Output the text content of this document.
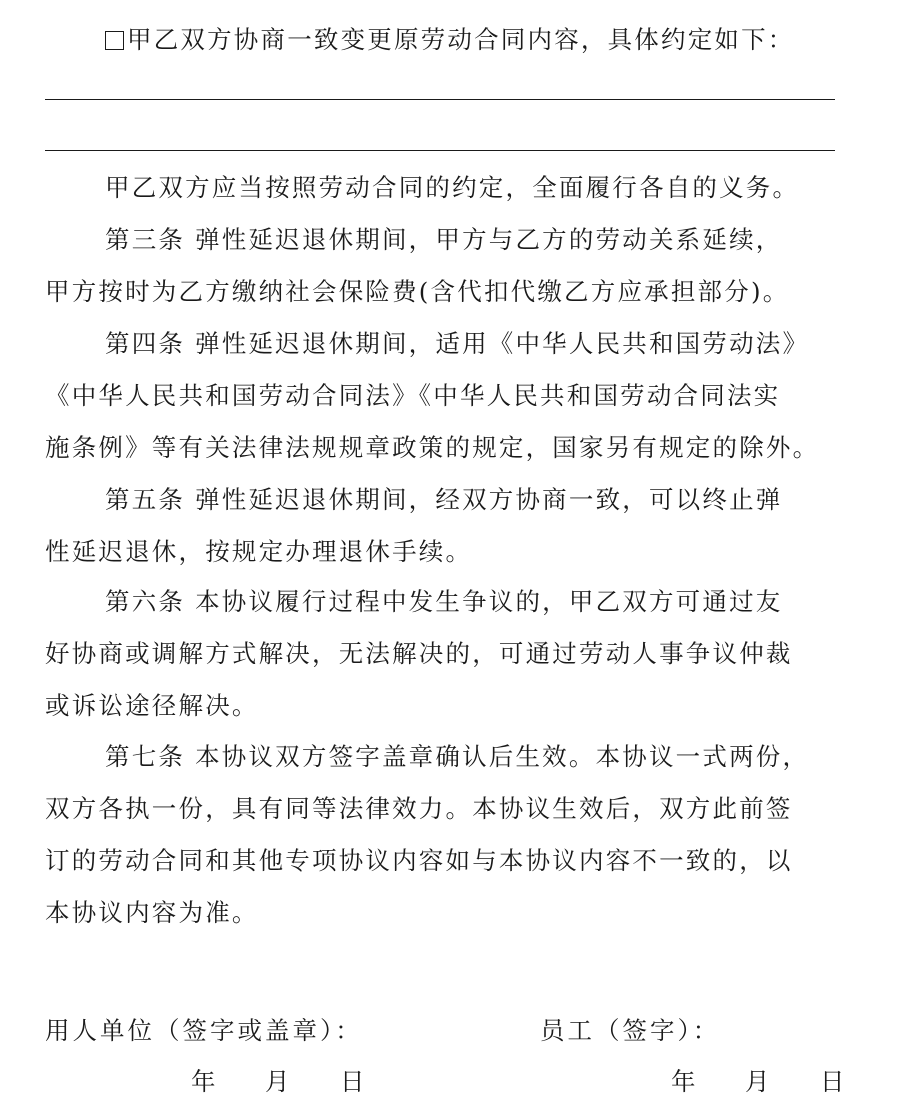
甲乙双方协商一致变更原劳动合同内容，具体约定如下：
甲乙双方应当按照劳动合同的约定，全面履行各自的义务。
第三条 弹性延迟退休期间，甲方与乙方的劳动关系延续，
甲方按时为乙方缴纳社会保险费(含代扣代缴乙方应承担部分)。
第四条 弹性延迟退休期间，适用《中华人民共和国劳动法》
《中华人民共和国劳动合同法》《中华人民共和国劳动合同法实
施条例》等有关法律法规规章政策的规定，国家另有规定的除外。
第五条 弹性延迟退休期间，经双方协商一致，可以终止弹
性延迟退休，按规定办理退休手续。
第六条 本协议履行过程中发生争议的，甲乙双方可通过友
好协商或调解方式解决，无法解决的，可通过劳动人事争议仲裁
或诉讼途径解决。
第七条 本协议双方签字盖章确认后生效。本协议一式两份，
双方各执一份，具有同等法律效力。本协议生效后，双方此前签
订的劳动合同和其他专项协议内容如与本协议内容不一致的，以
本协议内容为准。
用人单位（签字或盖章）：	员工（签字）：
年 月 日	年 月 日
